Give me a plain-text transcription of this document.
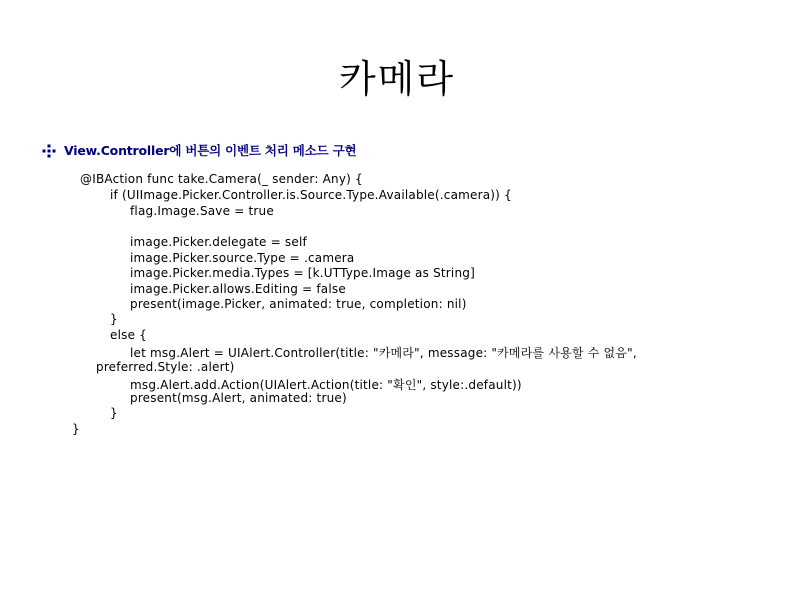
카메라
View.Controller에 버튼의 이벤트 처리 메소드 구현
@IBAction func take.Camera(_ sender: Any) {
if (UIImage.Picker.Controller.is.Source.Type.Available(.camera)) {
flag.Image.Save = true
image.Picker.delegate = self
image.Picker.source.Type = .camera
image.Picker.media.Types = [k.UTType.Image as String]
image.Picker.allows.Editing = false
present(image.Picker, animated: true, completion: nil)
}
else {
let msg.Alert = UIAlert.Controller(title: "카메라", message: "카메라를 사용할 수 없음",
preferred.Style: .alert)
msg.Alert.add.Action(UIAlert.Action(title: "확인", style:.default))
present(msg.Alert, animated: true)
}
}
